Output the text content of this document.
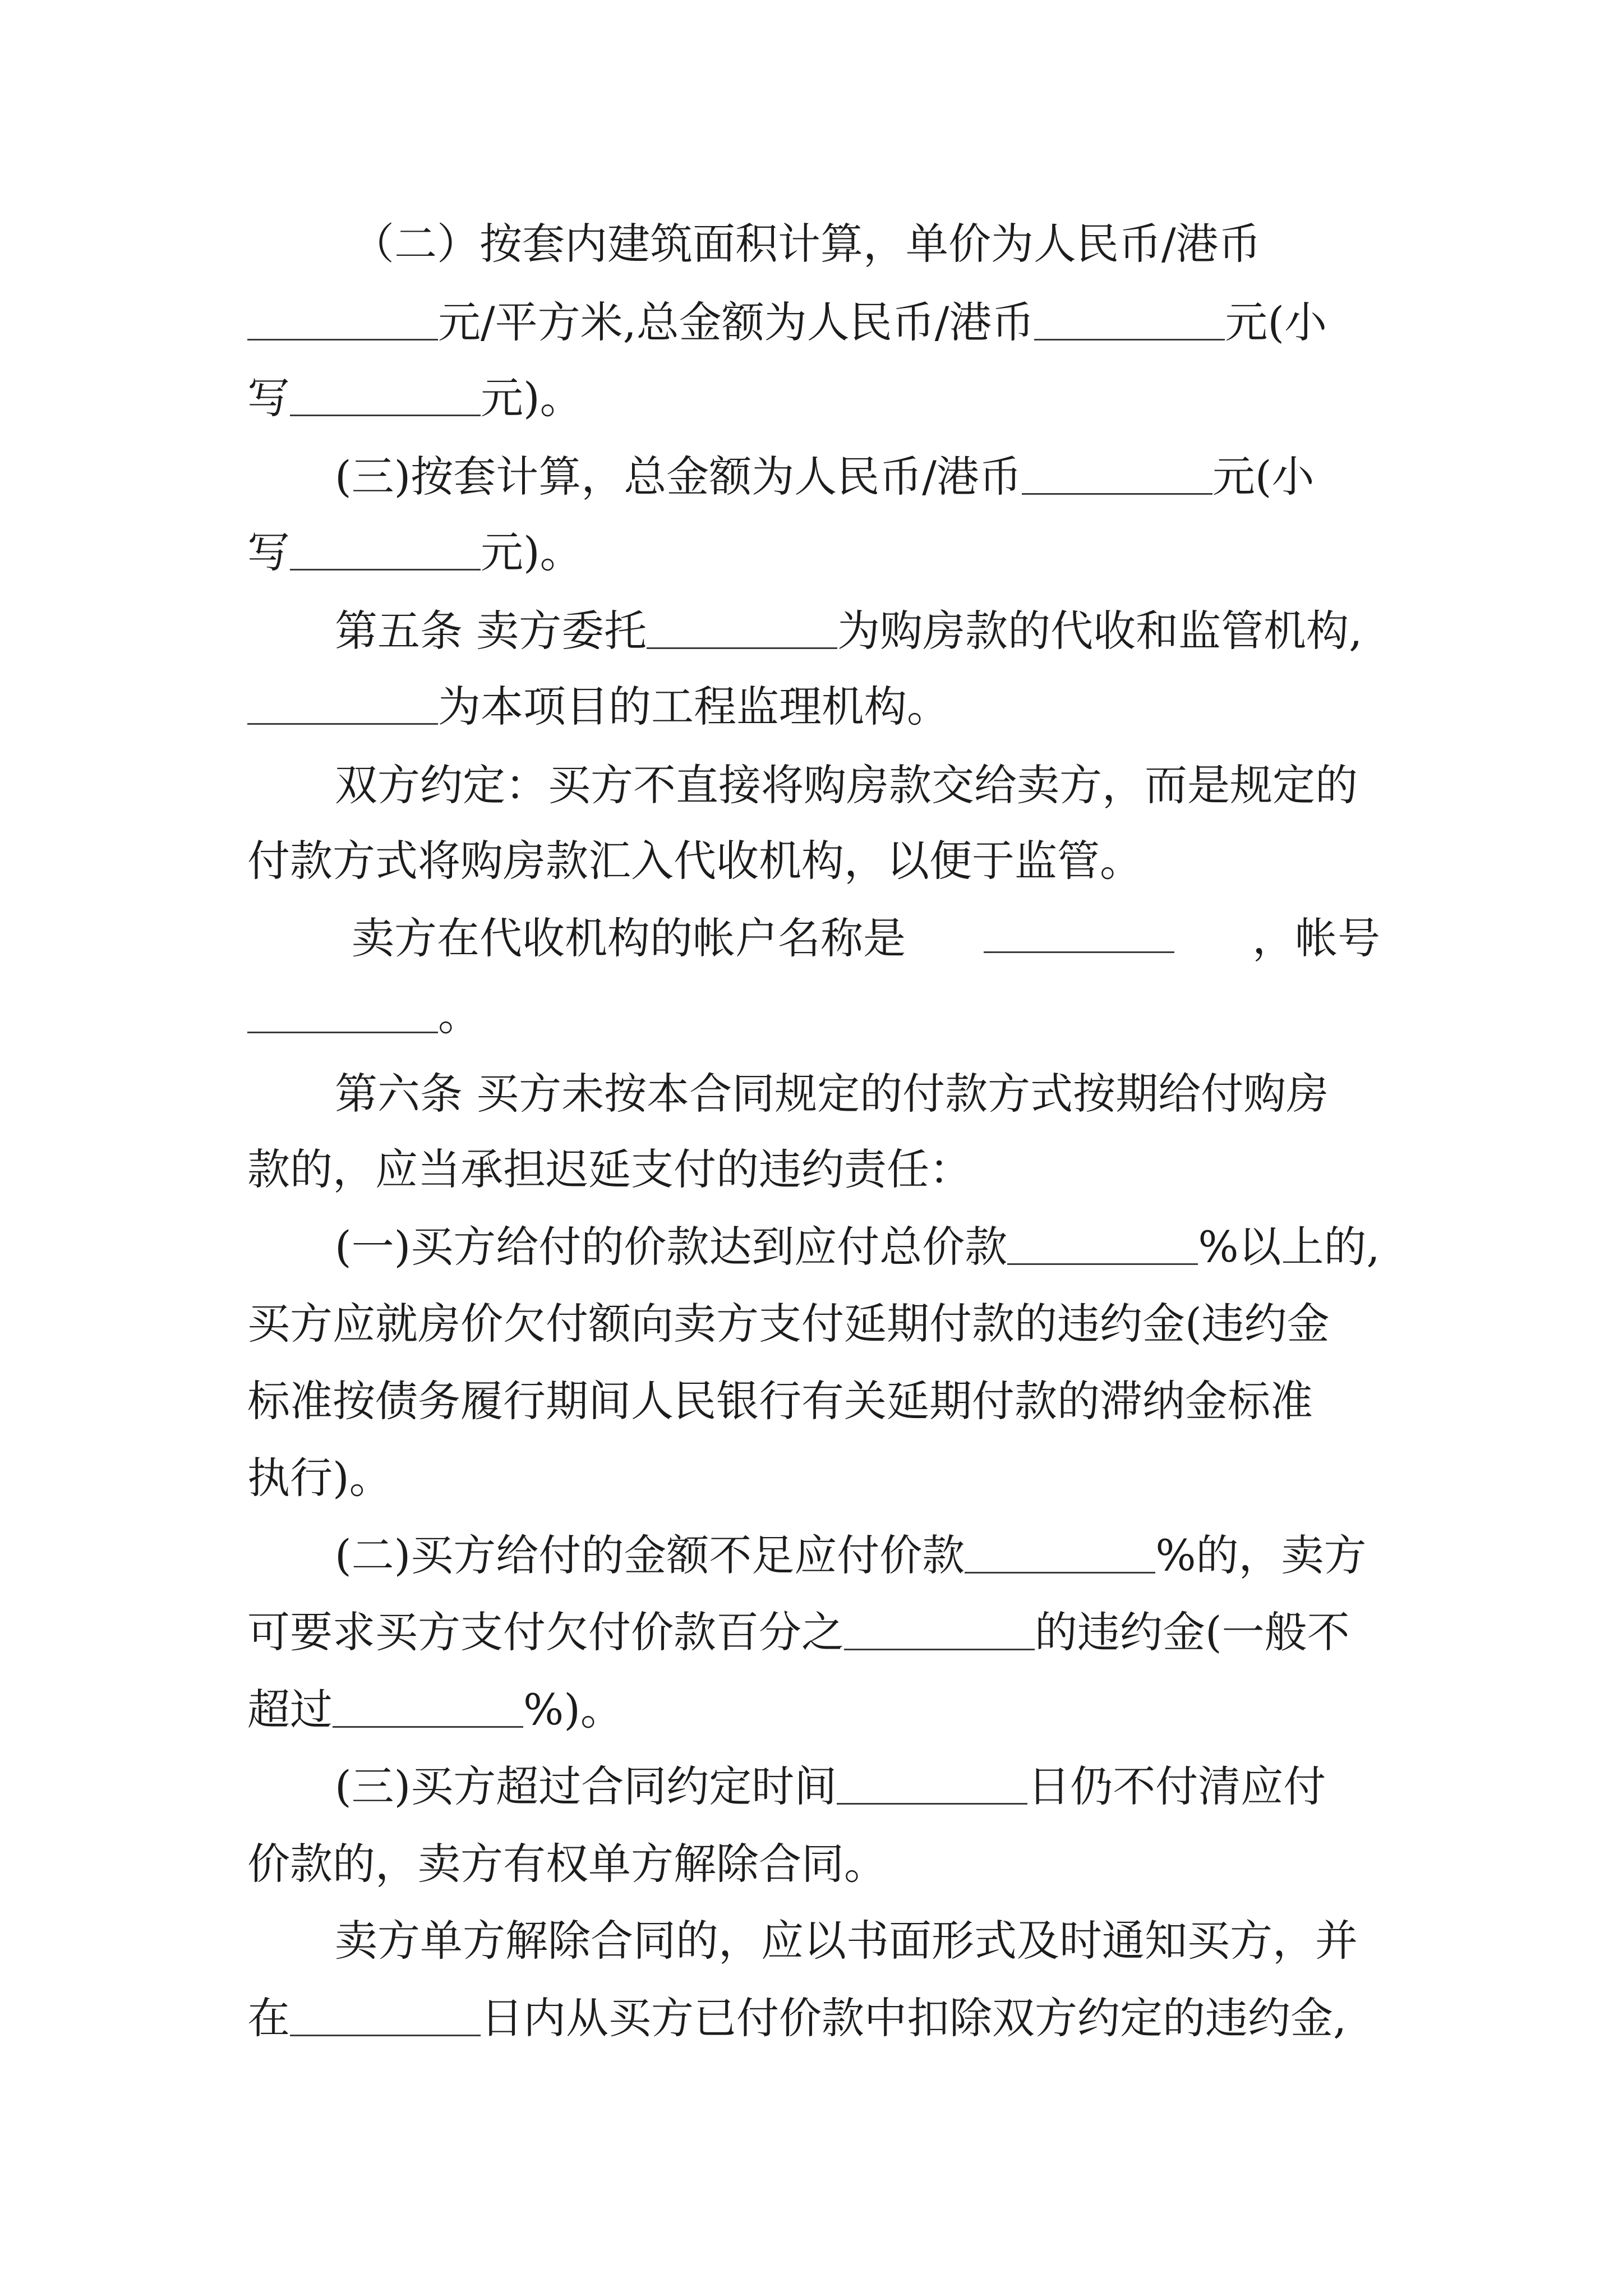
（二）按套内建筑面积计算，单价为人民币/港币
元/平方米,总金额为人民币/港币	元(小
写	元)。
(三)按套计算，总金额为人民币/港币	元(小
写	元)。
第五条 卖方委托	为购房款的代收和监管机构,
为本项目的工程监理机构。
双方约定：买方不直接将购房款交给卖方，而是规定的
付款方式将购房款汇入代收机构，以便于监管。
卖方在代收机构的帐户名称是	，帐号
。
第六条 买方未按本合同规定的付款方式按期给付购房
款的，应当承担迟延支付的违约责任：
(一)买方给付的价款达到应付总价款	%以上的,
买方应就房价欠付额向卖方支付延期付款的违约金(违约金
标准按债务履行期间人民银行有关延期付款的滞纳金标准
执行)。
(二)买方给付的金额不足应付价款	%的，卖方
可要求买方支付欠付价款百分之	的违约金(一般不
超过	%)。
(三)买方超过合同约定时间	日仍不付清应付
价款的，卖方有权单方解除合同。
卖方单方解除合同的，应以书面形式及时通知买方，并
在	日内从买方已付价款中扣除双方约定的违约金,
